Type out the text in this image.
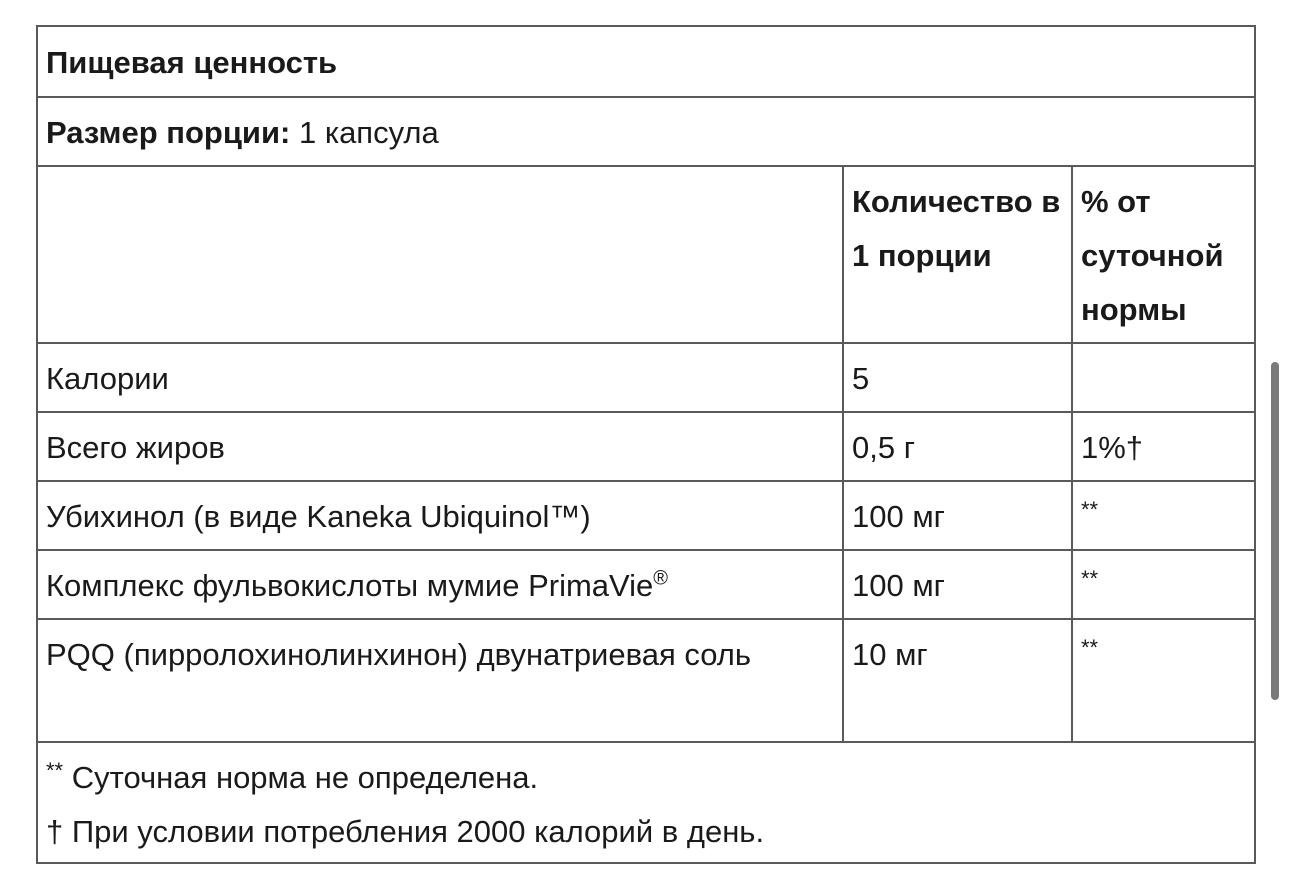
Пищевая ценность		
Размер порции: 1 капсула		
	Количество в 1 порции	% от суточной нормы
Калории	5	
Всего жиров	0,5 г	1%†
Убихинол (в виде Kaneka Ubiquinol™)	100 мг	**
Комплекс фульвокислоты мумие PrimaVie®	100 мг	**
PQQ (пирролохинолинхинон) двунатриевая соль	10 мг	**

** Суточная норма не определена.
† При условии потребления 2000 калорий в день.		
